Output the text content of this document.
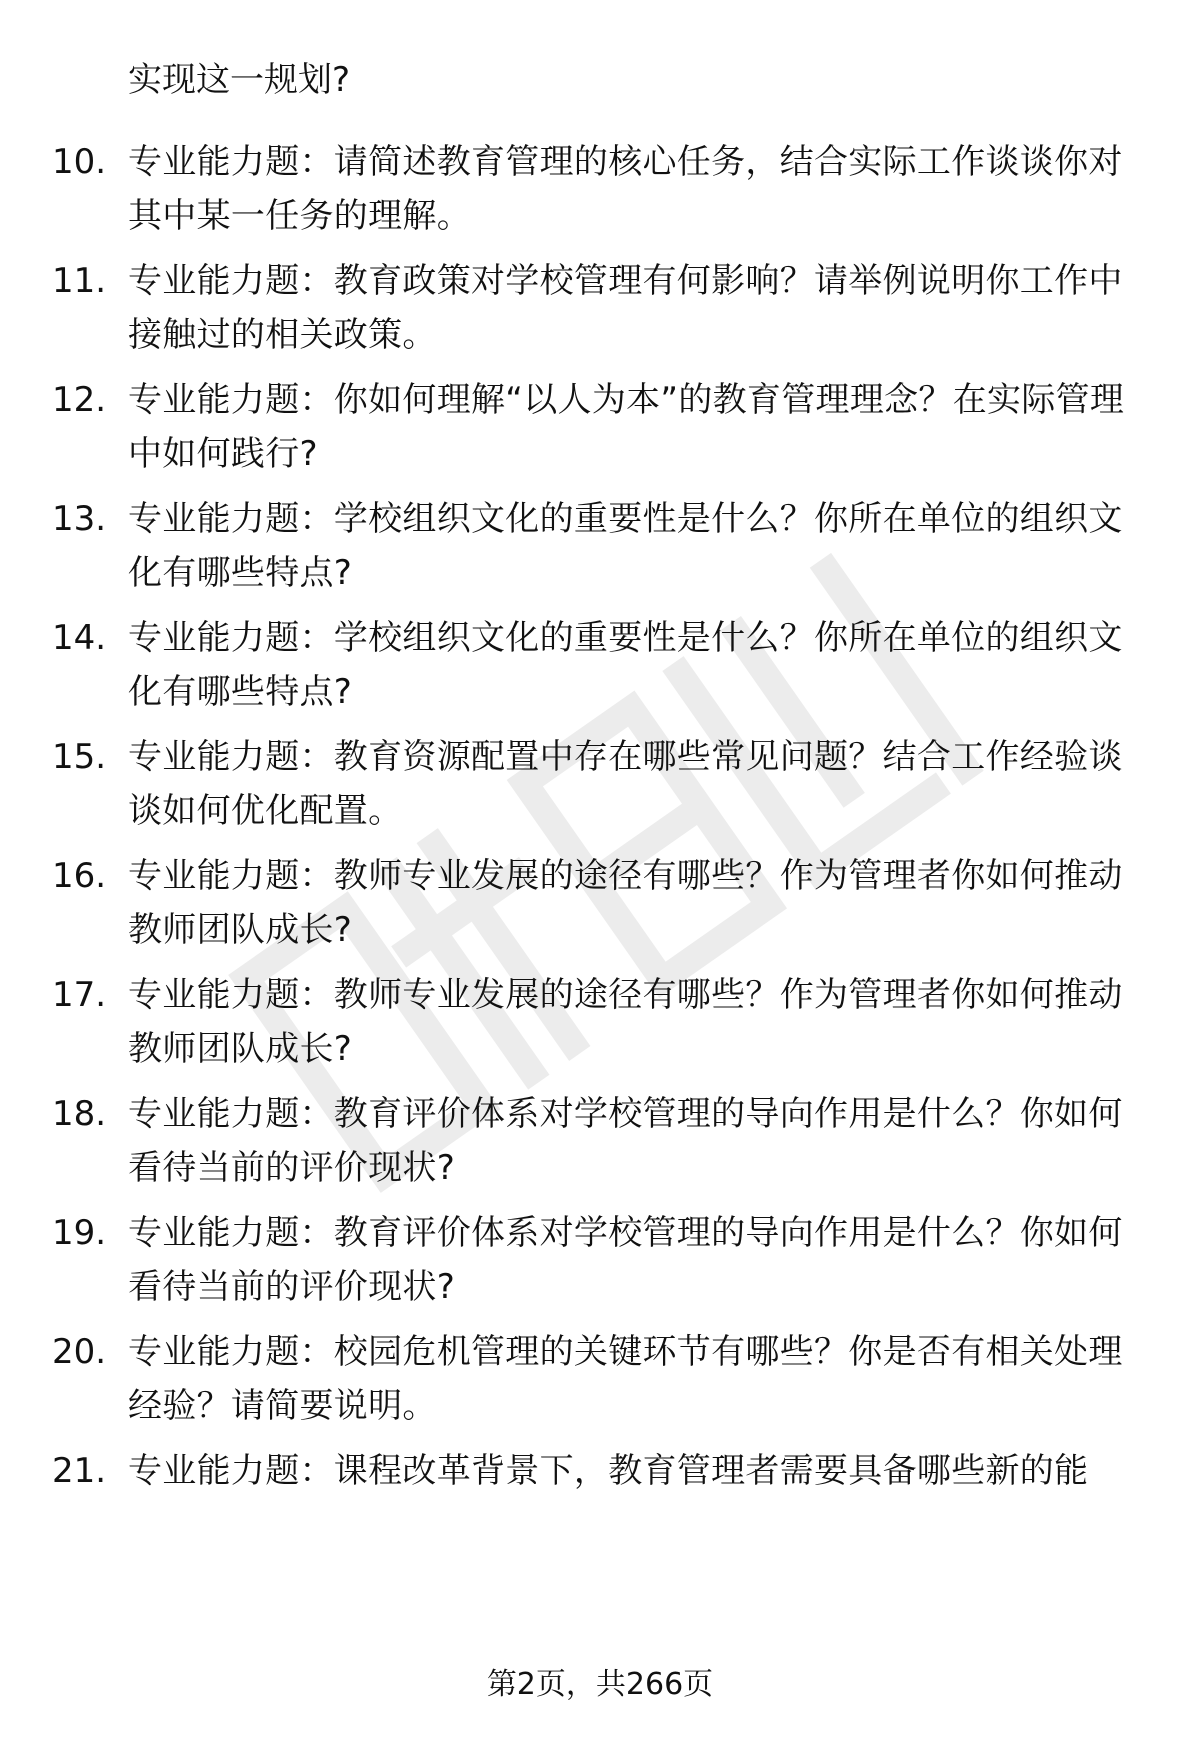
实现这一规划?
10. 专业能力题：请简述教育管理的核心任务，结合实际工作谈谈你对其中某一任务的理解。
11. 专业能力题：教育政策对学校管理有何影响？请举例说明你工作中接触过的相关政策。
12. 专业能力题：你如何理解“以人为本”的教育管理理念？在实际管理中如何践行?
13. 专业能力题：学校组织文化的重要性是什么？你所在单位的组织文化有哪些特点?
14. 专业能力题：学校组织文化的重要性是什么？你所在单位的组织文化有哪些特点?
15. 专业能力题：教育资源配置中存在哪些常见问题？结合工作经验谈谈如何优化配置。
16. 专业能力题：教师专业发展的途径有哪些？作为管理者你如何推动教师团队成长?
17. 专业能力题：教师专业发展的途径有哪些？作为管理者你如何推动教师团队成长?
18. 专业能力题：教育评价体系对学校管理的导向作用是什么？你如何看待当前的评价现状?
19. 专业能力题：教育评价体系对学校管理的导向作用是什么？你如何看待当前的评价现状?
20. 专业能力题：校园危机管理的关键环节有哪些？你是否有相关处理经验？请简要说明。
21. 专业能力题：课程改革背景下，教育管理者需要具备哪些新的能
第2页，共266页
